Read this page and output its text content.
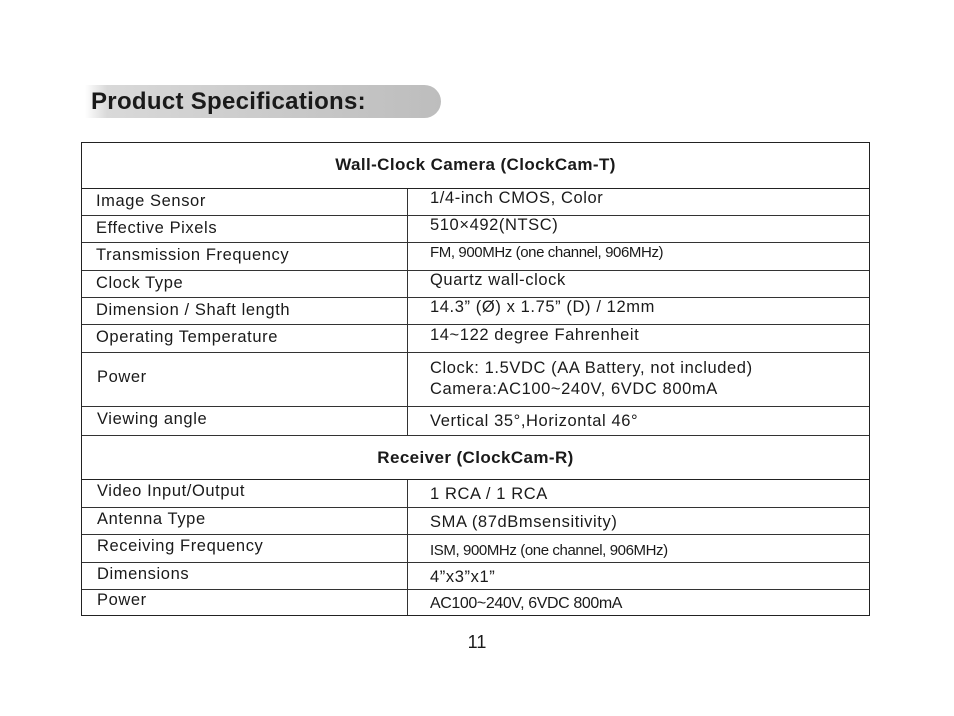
Product Specifications:
Wall-Clock Camera (ClockCam-T)
Image Sensor	1/4-inch CMOS, Color
Effective Pixels	510×492(NTSC)
Transmission Frequency	FM, 900MHz (one channel, 906MHz)
Clock Type	Quartz wall-clock
Dimension / Shaft length	14.3” (Ø) x 1.75” (D) / 12mm
Operating Temperature	14~122 degree Fahrenheit
Power	Clock: 1.5VDC (AA Battery, not included)
Camera:AC100~240V, 6VDC 800mA
Viewing angle	Vertical 35°,Horizontal 46°
Receiver (ClockCam-R)
Video Input/Output	1 RCA / 1 RCA
Antenna Type	SMA (87dBmsensitivity)
Receiving Frequency	ISM, 900MHz (one channel, 906MHz)
Dimensions	4”x3”x1”
Power	AC100~240V, 6VDC 800mA
11
